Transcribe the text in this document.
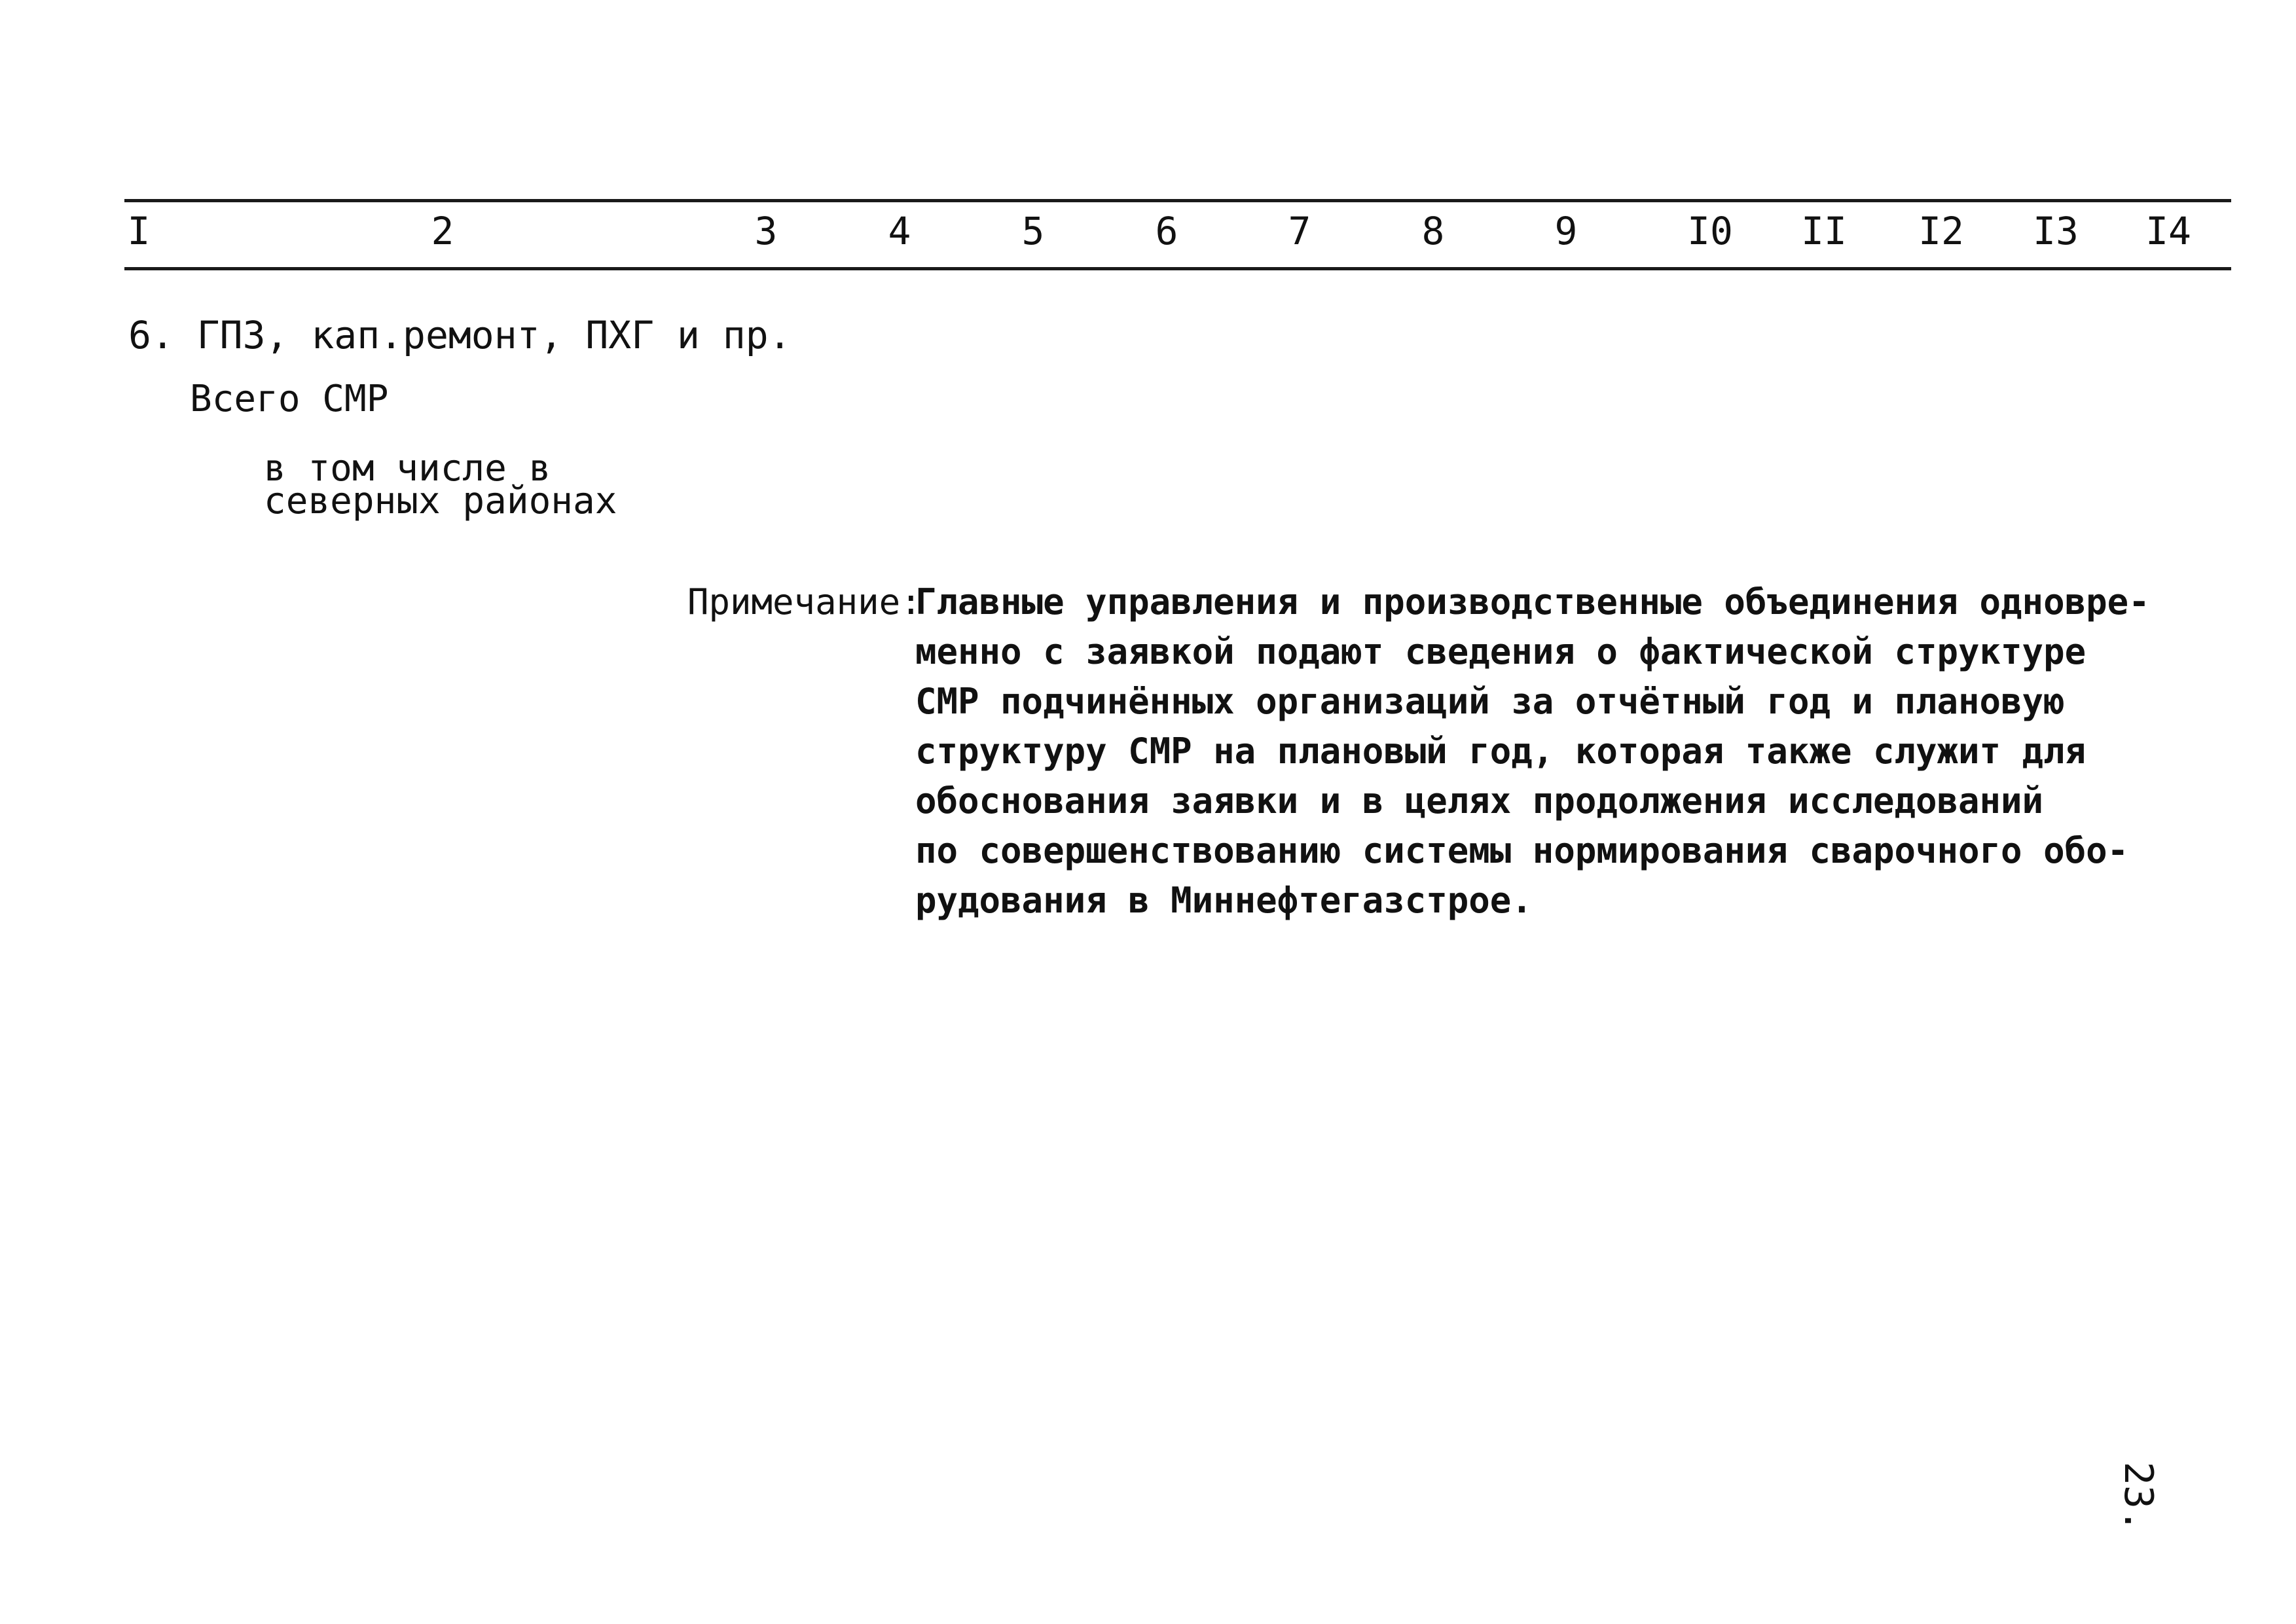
I	2	3	4	5	6	7	8	9	I0	II	I2	I3	I4
6. ГПЗ, кап.ремонт, ПХГ и пр.
Всего СМР
в том числе в
северных районах
Примечание:
Главные управления и производственные объединения одновре-
менно с заявкой подают сведения о фактической структуре
СМР подчинённых организаций за отчётный год и плановую
структуру СМР на плановый год, которая также служит для
обоснования заявки и в целях продолжения исследований
по совершенствованию системы нормирования сварочного обо-
рудования в Миннефтегазстрое.
23.
